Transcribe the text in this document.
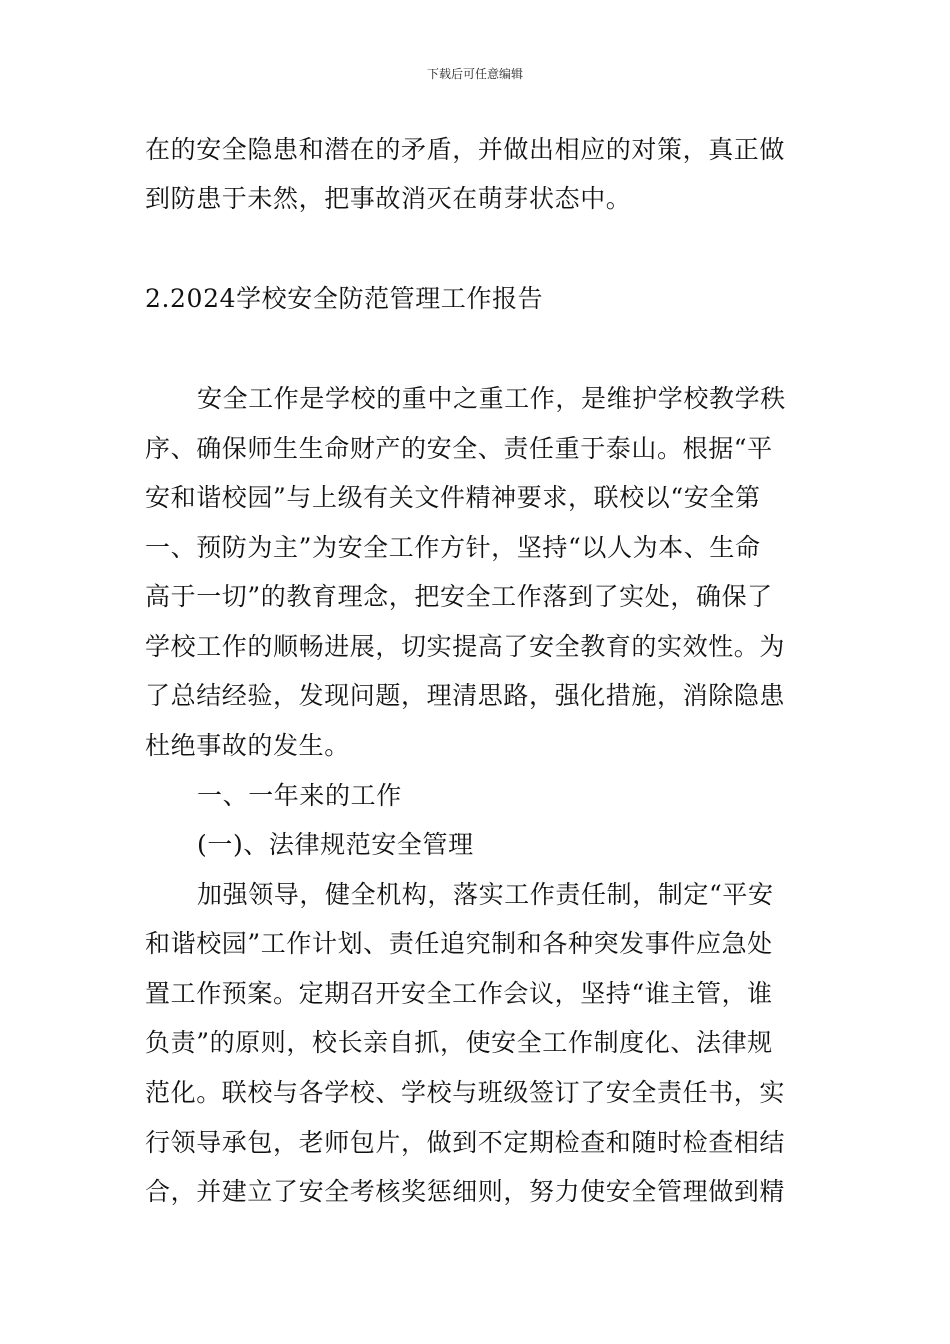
下载后可任意编辑
在的安全隐患和潜在的矛盾，并做出相应的对策，真正做
到防患于未然，把事故消灭在萌芽状态中。
2.2024学校安全防范管理工作报告
安全工作是学校的重中之重工作，是维护学校教学秩
序、确保师生生命财产的安全、责任重于泰山。根据“平
安和谐校园”与上级有关文件精神要求，联校以“安全第
一、预防为主”为安全工作方针，坚持“以人为本、生命
高于一切”的教育理念，把安全工作落到了实处，确保了
学校工作的顺畅进展，切实提高了安全教育的实效性。为
了总结经验，发现问题，理清思路，强化措施，消除隐患
杜绝事故的发生。
一、一年来的工作
(一)、法律规范安全管理
加强领导，健全机构，落实工作责任制，制定“平安
和谐校园”工作计划、责任追究制和各种突发事件应急处
置工作预案。定期召开安全工作会议，坚持“谁主管，谁
负责”的原则，校长亲自抓，使安全工作制度化、法律规
范化。联校与各学校、学校与班级签订了安全责任书，实
行领导承包，老师包片，做到不定期检查和随时检查相结
合，并建立了安全考核奖惩细则，努力使安全管理做到精
